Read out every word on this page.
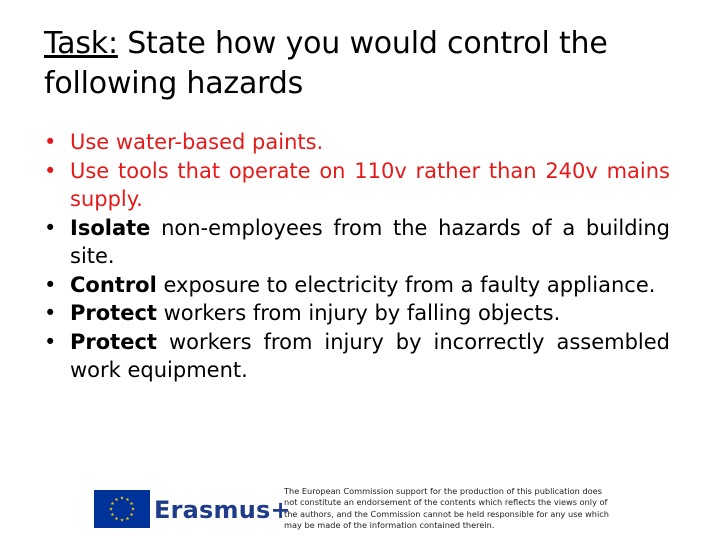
Task: State how you would control the following hazards
• Use water-based paints.
• Use tools that operate on 110v rather than 240v mains supply.
• Isolate non-employees from the hazards of a building site.
• Control exposure to electricity from a faulty appliance.
• Protect workers from injury by falling objects.
• Protect workers from injury by incorrectly assembled work equipment.
Erasmus+
The European Commission support for the production of this publication does
not constitute an endorsement of the contents which reflects the views only of
the authors, and the Commission cannot be held responsible for any use which
may be made of the information contained therein.
